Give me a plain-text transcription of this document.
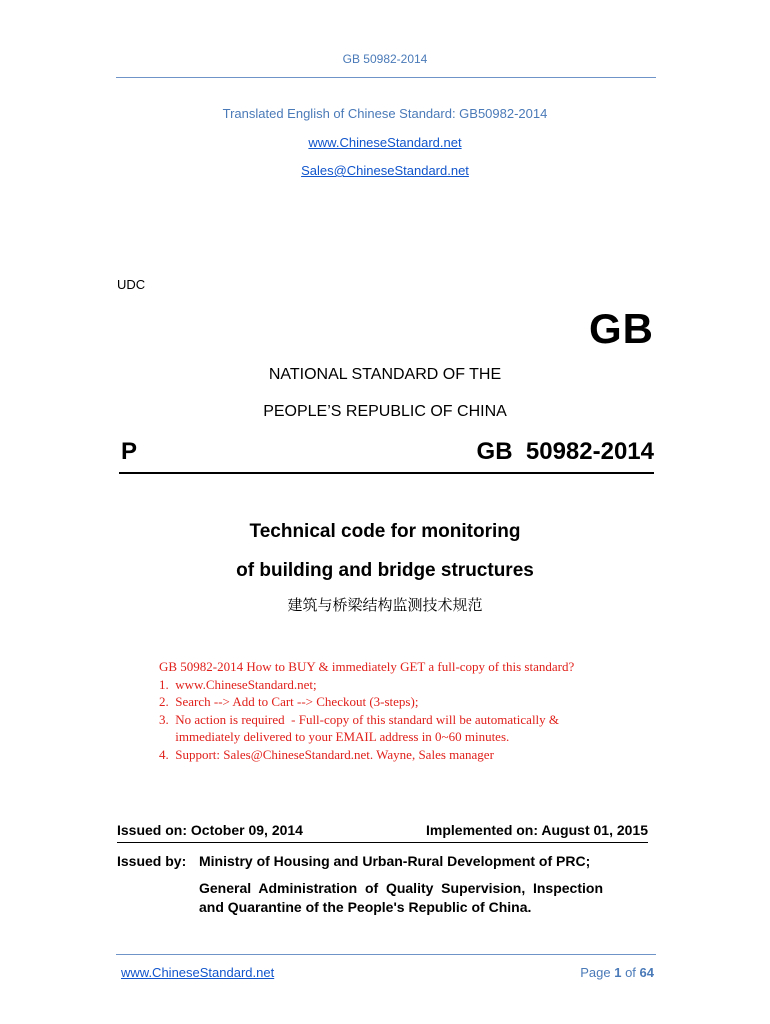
GB 50982-2014
Translated English of Chinese Standard: GB50982-2014
www.ChineseStandard.net
Sales@ChineseStandard.net
UDC
GB
NATIONAL STANDARD OF THE
PEOPLE’S REPUBLIC OF CHINA
P	GB  50982-2014
Technical code for monitoring
of building and bridge structures
建筑与桥梁结构监测技术规范
GB 50982-2014 How to BUY & immediately GET a full-copy of this standard?
1.  www.ChineseStandard.net;
2.  Search --> Add to Cart --> Checkout (3-steps);
3.  No action is required  - Full-copy of this standard will be automatically &
immediately delivered to your EMAIL address in 0~60 minutes.
4.  Support: Sales@ChineseStandard.net. Wayne, Sales manager
Issued on: October 09, 2014	Implemented on: August 01, 2015
Issued by: Ministry of Housing and Urban-Rural Development of PRC;
General  Administration  of  Quality  Supervision,  Inspection
and Quarantine of the People's Republic of China.
www.ChineseStandard.net	Page 1 of 64
